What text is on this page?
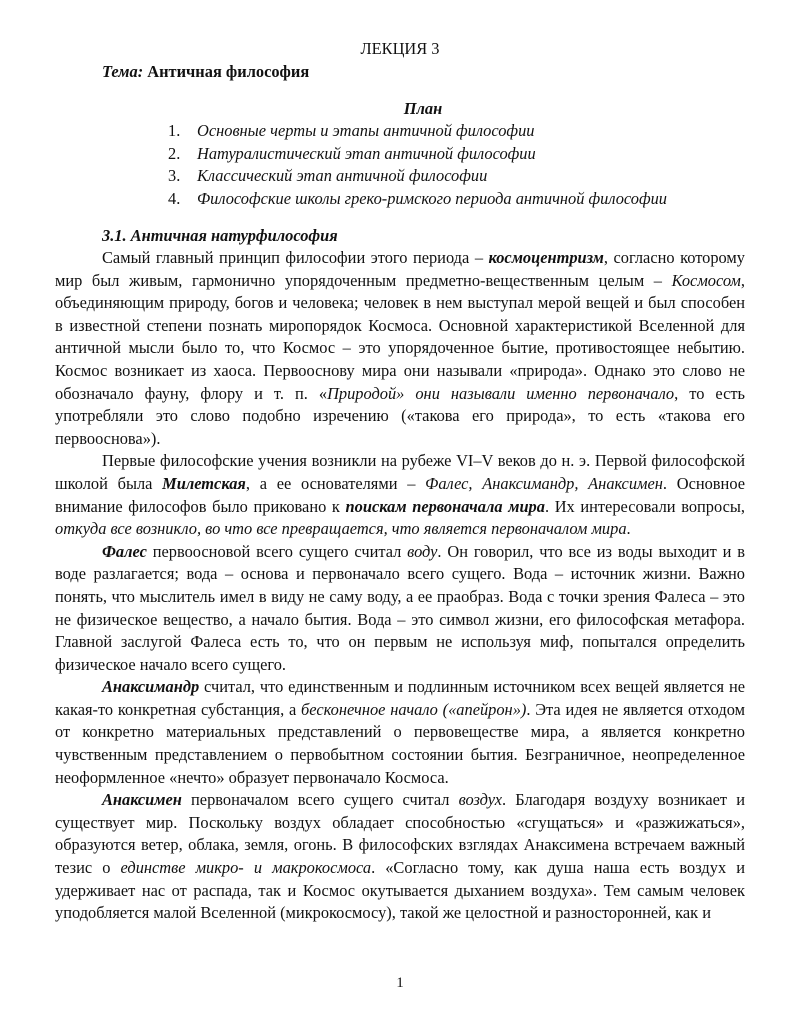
ЛЕКЦИЯ 3
Тема: Античная философия
План
1. Основные черты и этапы античной философии
2. Натуралистический этап античной философии
3. Классический этап античной философии
4. Философские школы греко-римского периода античной философии
3.1. Античная натурфилософия

Самый главный принцип философии этого периода – космоцентризм, согласно которому мир был живым, гармонично упорядоченным предметно-вещественным целым – Космосом, объединяющим природу, богов и человека; человек в нем выступал мерой вещей и был способен в известной степени познать миропорядок Космоса. Основной характеристикой Вселенной для античной мысли было то, что Космос – это упорядоченное бытие, противостоящее небытию. Космос возникает из хаоса. Первооснову мира они называли «природа». Однако это слово не обозначало фауну, флору и т. п. «Природой» они называли именно первоначало, то есть употребляли это слово подобно изречению («такова его природа», то есть «такова его первооснова»).

Первые философские учения возникли на рубеже VI–V веков до н. э. Первой философской школой была Милетская, а ее основателями – Фалес, Анаксимандр, Анаксимен. Основное внимание философов было приковано к поискам первоначала мира. Их интересовали вопросы, откуда все возникло, во что все превращается, что является первоначалом мира.

Фалес первоосновой всего сущего считал воду. Он говорил, что все из воды выходит и в воде разлагается; вода – основа и первоначало всего сущего. Вода – источник жизни. Важно понять, что мыслитель имел в виду не саму воду, а ее праобраз. Вода с точки зрения Фалеса – это не физическое вещество, а начало бытия. Вода – это символ жизни, его философская метафора. Главной заслугой Фалеса есть то, что он первым не используя миф, попытался определить физическое начало всего сущего.

Анаксимандр считал, что единственным и подлинным источником всех вещей является не какая-то конкретная субстанция, а бесконечное начало («апейрон»). Эта идея не является отходом от конкретно материальных представлений о первовеществе мира, а является конкретно чувственным представлением о первобытном состоянии бытия. Безграничное, неопределенное неоформленное «нечто» образует первоначало Космоса.

Анаксимен первоначалом всего сущего считал воздух. Благодаря воздуху возникает и существует мир. Поскольку воздух обладает способностью «сгущаться» и «разжижаться», образуются ветер, облака, земля, огонь. В философских взглядах Анаксимена встречаем важный тезис о единстве микро- и макрокосмоса. «Согласно тому, как душа наша есть воздух и удерживает нас от распада, так и Космос окутывается дыханием воздуха». Тем самым человек уподобляется малой Вселенной (микрокосмосу), такой же целостной и разносторонней, как и

1
